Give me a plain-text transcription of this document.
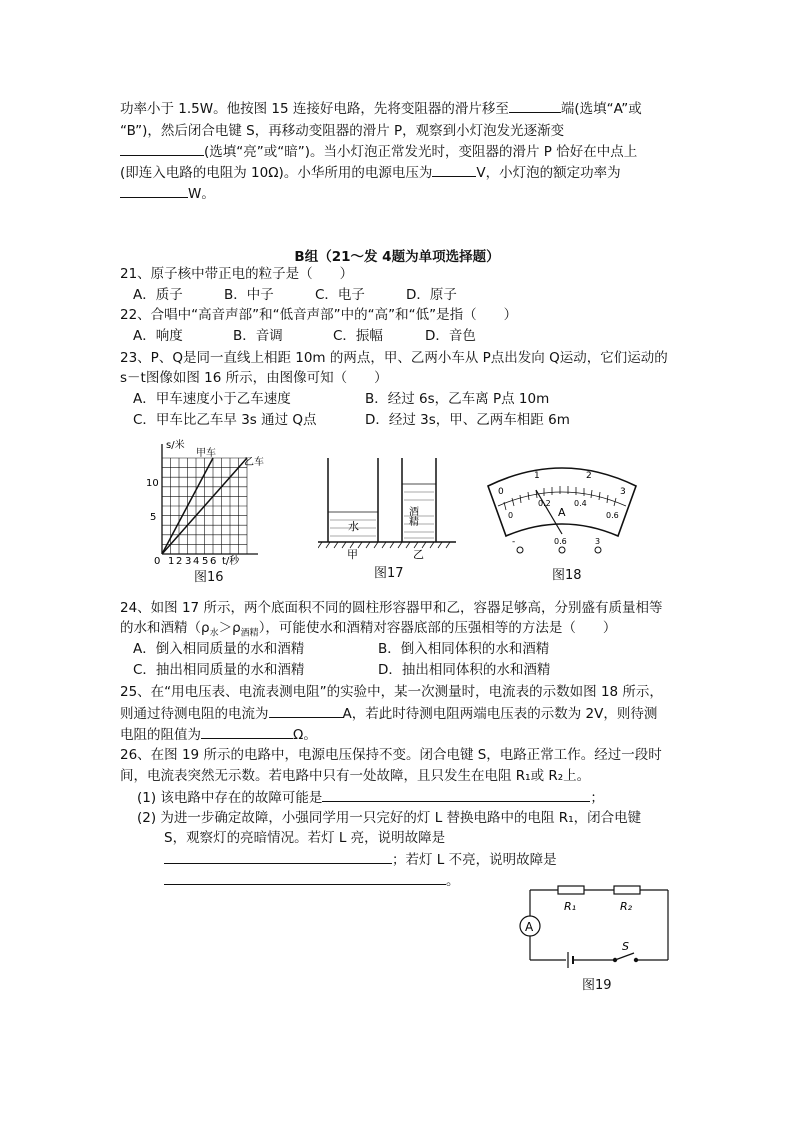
功率小于 1.5W。他按图 15 连接好电路，先将变阻器的滑片移至	端(选填“A”或
“B”)，然后闭合电键 S，再移动变阻器的滑片 P，观察到小灯泡发光逐渐变
(选填“亮”或“暗”)。当小灯泡正常发光时，变阻器的滑片 P 恰好在中点上
(即连入电路的电阻为 10Ω)。小华所用的电源电压为	V，小灯泡的额定功率为
W。
B组（21～发 4题为单项选择题）
21、原子核中带正电的粒子是（　　）
A．质子	B．中子	C．电子	D．原子
22、合唱中“高音声部”和“低音声部”中的“高”和“低”是指（　　）
A．响度	B．音调	C．振幅	D．音色
23、P、Q是同一直线上相距 10m 的两点，甲、乙两小车从 P点出发向 Q运动，它们运动的
s－t图像如图 16 所示，由图像可知（　　）
A．甲车速度小于乙车速度	B．经过 6s，乙车离 P点 10m
C．甲车比乙车早 3s 通过 Q点	D．经过 3s，甲、乙两车相距 6m
s/米
10
5
0 1 2 3 4 5 6 t/秒
甲车
乙车
图16
水
酒精
甲	乙
图17
0
1	2
3
0
0.2	0.4
0.6
A
-	0.6	3
图18
24、如图 17 所示，两个底面积不同的圆柱形容器甲和乙，容器足够高，分别盛有质量相等
的水和酒精$(\rho_水>\rho_{酒精})$，可能使水和酒精对容器底部的压强相等的方法是（　　）
A．倒入相同质量的水和酒精	B．倒入相同体积的水和酒精
C．抽出相同质量的水和酒精	D．抽出相同体积的水和酒精
25、在“用电压表、电流表测电阻”的实验中，某一次测量时，电流表的示数如图 18 所示，
则通过待测电阻的电流为	A，若此时待测电阻两端电压表的示数为 2V，则待测
电阻的阻值为	Ω。
26、在图 19 所示的电路中，电源电压保持不变。闭合电键 S，电路正常工作。经过一段时
间，电流表突然无示数。若电路中只有一处故障，且只发生在电阻 R₁或 R₂上。
(1) 该电路中存在的故障可能是	；
(2) 为进一步确定故障，小强同学用一只完好的灯 L 替换电路中的电阻 R₁，闭合电键
S，观察灯的亮暗情况。若灯 L 亮，说明故障是
；若灯 L 不亮，说明故障是
。
R₁	R₂
A
S
图19
